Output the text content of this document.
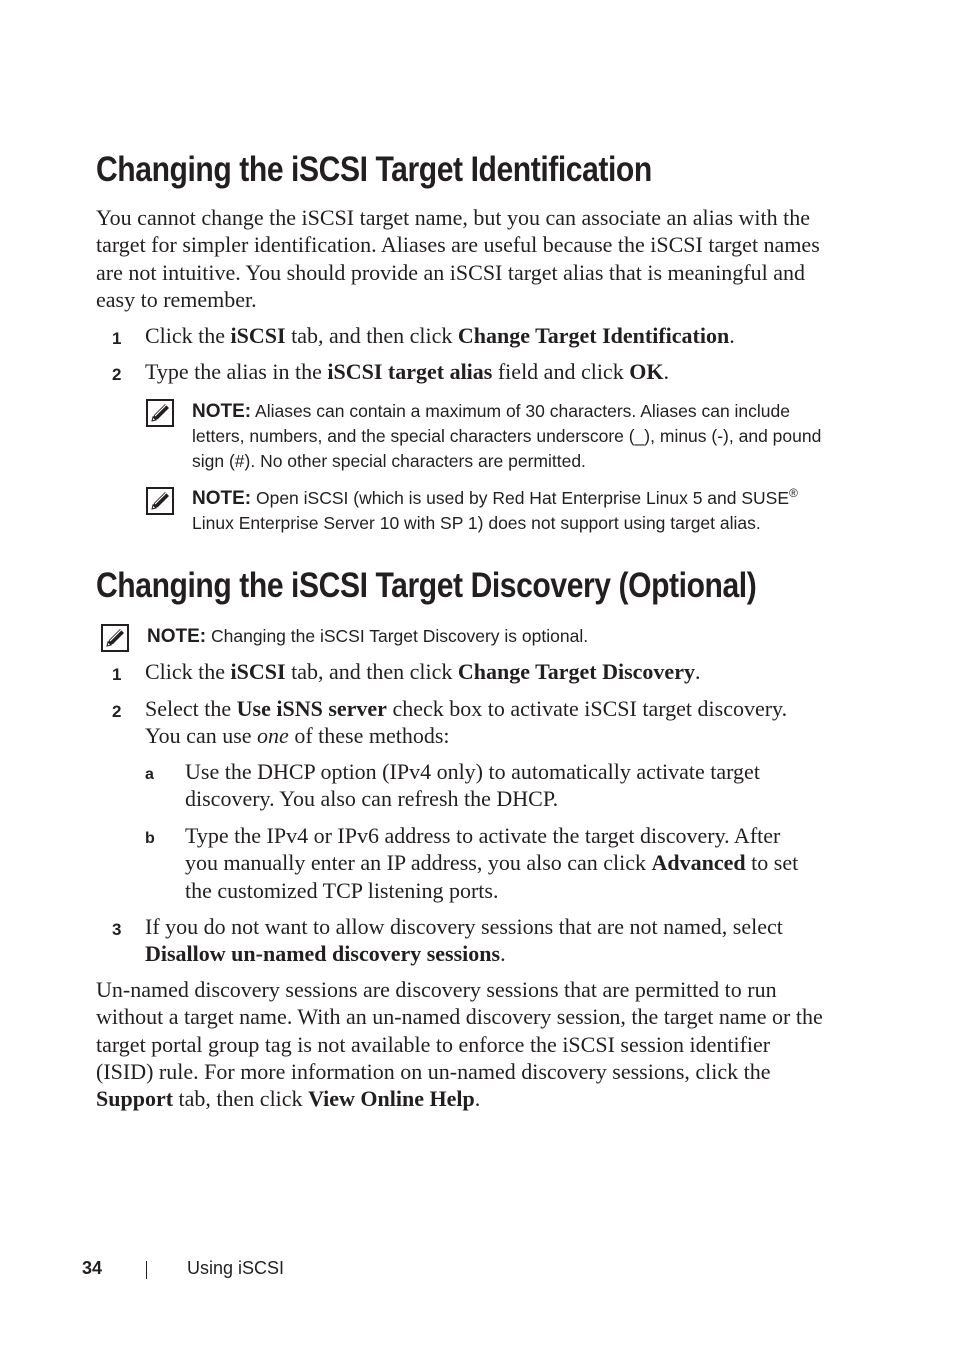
Changing the iSCSI Target Identification

You cannot change the iSCSI target name, but you can associate an alias with the target for simpler identification. Aliases are useful because the iSCSI target names are not intuitive. You should provide an iSCSI target alias that is meaningful and easy to remember.

1 Click the iSCSI tab, and then click Change Target Identification.
2 Type the alias in the iSCSI target alias field and click OK.
NOTE: Aliases can contain a maximum of 30 characters. Aliases can include letters, numbers, and the special characters underscore (_), minus (-), and pound sign (#). No other special characters are permitted.
NOTE: Open iSCSI (which is used by Red Hat Enterprise Linux 5 and SUSE® Linux Enterprise Server 10 with SP 1) does not support using target alias.
Changing the iSCSI Target Discovery (Optional)
NOTE: Changing the iSCSI Target Discovery is optional.
1 Click the iSCSI tab, and then click Change Target Discovery.
2 Select the Use iSNS server check box to activate iSCSI target discovery. You can use one of these methods:
a Use the DHCP option (IPv4 only) to automatically activate target discovery. You also can refresh the DHCP.
b Type the IPv4 or IPv6 address to activate the target discovery. After you manually enter an IP address, you also can click Advanced to set the customized TCP listening ports.
3 If you do not want to allow discovery sessions that are not named, select Disallow un-named discovery sessions.

Un-named discovery sessions are discovery sessions that are permitted to run without a target name. With an un-named discovery session, the target name or the target portal group tag is not available to enforce the iSCSI session identifier (ISID) rule. For more information on un-named discovery sessions, click the Support tab, then click View Online Help.

34	Using iSCSI
